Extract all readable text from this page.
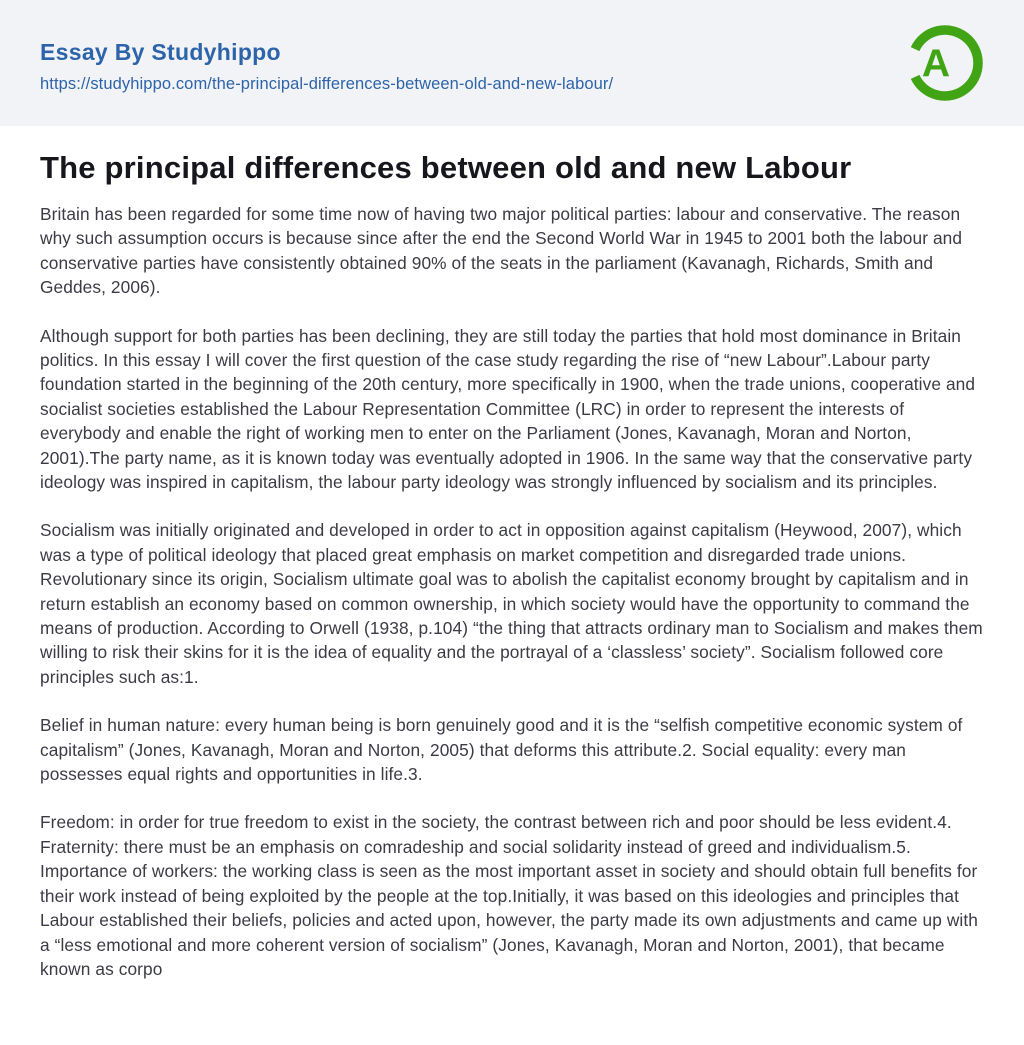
Essay By Studyhippo
https://studyhippo.com/the-principal-differences-between-old-and-new-labour/	A
The principal differences between old and new Labour

Britain has been regarded for some time now of having two major political parties: labour and conservative. The reason why such assumption occurs is because since after the end the Second World War in 1945 to 2001 both the labour and conservative parties have consistently obtained 90% of the seats in the parliament (Kavanagh, Richards, Smith and Geddes, 2006).

Although support for both parties has been declining, they are still today the parties that hold most dominance in Britain politics. In this essay I will cover the first question of the case study regarding the rise of “new Labour”.Labour party foundation started in the beginning of the 20th century, more specifically in 1900, when the trade unions, cooperative and socialist societies established the Labour Representation Committee (LRC) in order to represent the interests of everybody and enable the right of working men to enter on the Parliament (Jones, Kavanagh, Moran and Norton, 2001).The party name, as it is known today was eventually adopted in 1906. In the same way that the conservative party ideology was inspired in capitalism, the labour party ideology was strongly influenced by socialism and its principles.

Socialism was initially originated and developed in order to act in opposition against capitalism (Heywood, 2007), which was a type of political ideology that placed great emphasis on market competition and disregarded trade unions. Revolutionary since its origin, Socialism ultimate goal was to abolish the capitalist economy brought by capitalism and in return establish an economy based on common ownership, in which society would have the opportunity to command the means of production. According to Orwell (1938, p.104) “the thing that attracts ordinary man to Socialism and makes them willing to risk their skins for it is the idea of equality and the portrayal of a ‘classless’ society”. Socialism followed core principles such as:1.

Belief in human nature: every human being is born genuinely good and it is the “selfish competitive economic system of capitalism” (Jones, Kavanagh, Moran and Norton, 2005) that deforms this attribute.2. Social equality: every man possesses equal rights and opportunities in life.3.

Freedom: in order for true freedom to exist in the society, the contrast between rich and poor should be less evident.4. Fraternity: there must be an emphasis on comradeship and social solidarity instead of greed and individualism.5. Importance of workers: the working class is seen as the most important asset in society and should obtain full benefits for their work instead of being exploited by the people at the top.Initially, it was based on this ideologies and principles that Labour established their beliefs, policies and acted upon, however, the party made its own adjustments and came up with a “less emotional and more coherent version of socialism” (Jones, Kavanagh, Moran and Norton, 2001), that became known as corpo
